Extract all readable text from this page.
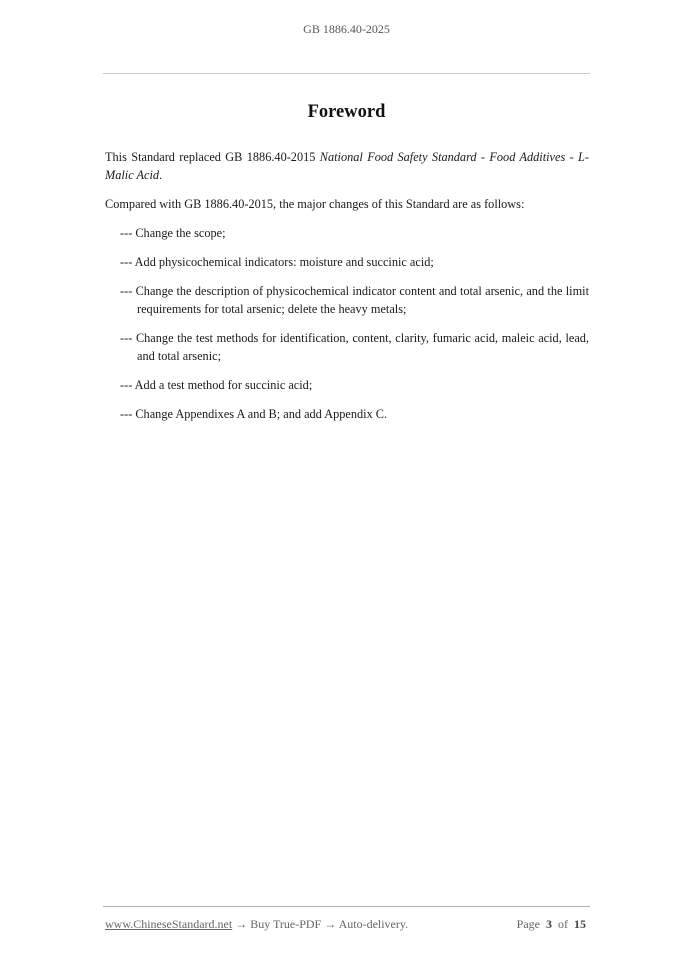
GB 1886.40-2025
Foreword

This Standard replaced GB 1886.40-2015 National Food Safety Standard - Food Additives - L-Malic Acid.

Compared with GB 1886.40-2015, the major changes of this Standard are as follows:

--- Change the scope;

--- Add physicochemical indicators: moisture and succinic acid;

--- Change the description of physicochemical indicator content and total arsenic, and the limit requirements for total arsenic; delete the heavy metals;

--- Change the test methods for identification, content, clarity, fumaric acid, maleic acid, lead, and total arsenic;

--- Add a test method for succinic acid;

--- Change Appendixes A and B; and add Appendix C.

www.ChineseStandard.net → Buy True-PDF → Auto-delivery.	Page 3 of 15
